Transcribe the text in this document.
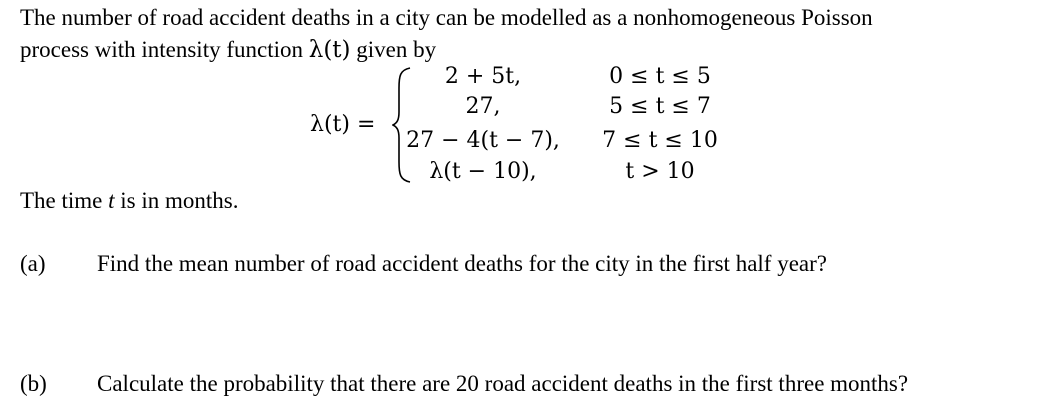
The number of road accident deaths in a city can be modelled as a nonhomogeneous Poisson
process with intensity function λ(t) given by
λ(t) =
2 + 5t,	0 ≤ t ≤ 5
27,	5 ≤ t ≤ 7
27 − 4(t − 7),	7 ≤ t ≤ 10
λ(t − 10),	t > 10
The time t is in months.
(a) Find the mean number of road accident deaths for the city in the first half year?
(b) Calculate the probability that there are 20 road accident deaths in the first three months?
